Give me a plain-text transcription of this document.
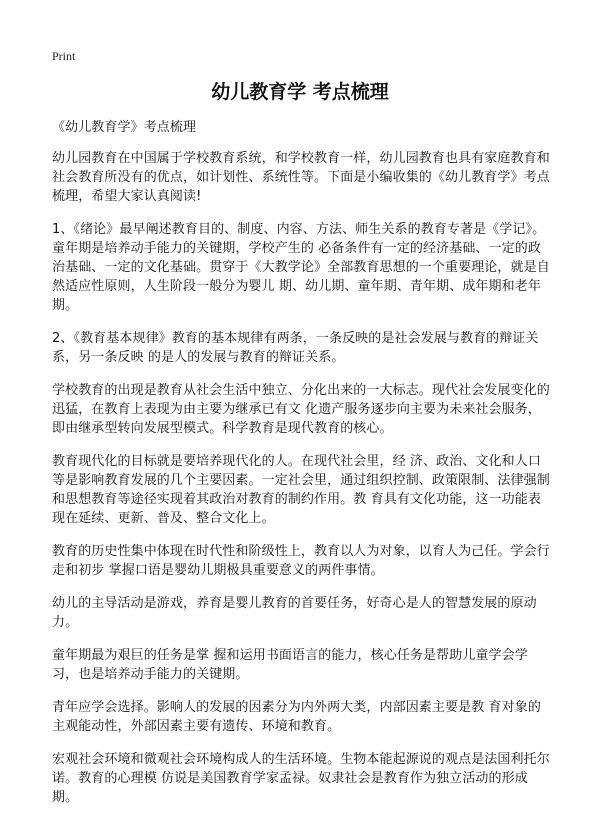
Print
幼儿教育学 考点梳理

《幼儿教育学》考点梳理

幼儿园教育在中国属于学校教育系统，和学校教育一样，幼儿园教育也具有家庭教育和社会教育所没有的优点，如计划性、系统性等。下面是小编收集的《幼儿教育学》考点梳理，希望大家认真阅读!

1、《绪论》最早阐述教育目的、制度、内容、方法、师生关系的教育专著是《学记》。童年期是培养动手能力的关键期，学校产生的 必备条件有一定的经济基础、一定的政治基础、一定的文化基础。贯穿于《大教学论》全部教育思想的一个重要理论，就是自然适应性原则，人生阶段一般分为婴儿 期、幼儿期、童年期、青年期、成年期和老年期。

2、《教育基本规律》教育的基本规律有两条，一条反映的是社会发展与教育的辩证关系，另一条反映 的是人的发展与教育的辩证关系。

学校教育的出现是教育从社会生活中独立、分化出来的一大标志。现代社会发展变化的迅猛，在教育上表现为由主要为继承已有文 化遗产服务逐步向主要为未来社会服务，即由继承型转向发展型模式。科学教育是现代教育的核心。

教育现代化的目标就是要培养现代化的人。在现代社会里，经 济、政治、文化和人口等是影响教育发展的几个主要因素。一定社会里，通过组织控制、政策限制、法律强制和思想教育等途径实现着其政治对教育的制约作用。教 育具有文化功能，这一功能表现在延续、更新、普及、整合文化上。

教育的历史性集中体现在时代性和阶级性上，教育以人为对象，以育人为己任。学会行走和初步 掌握口语是婴幼儿期极具重要意义的两件事情。

幼儿的主导活动是游戏，养育是婴儿教育的首要任务，好奇心是人的智慧发展的原动力。

童年期最为艰巨的任务是掌 握和运用书面语言的能力，核心任务是帮助儿童学会学习，也是培养动手能力的关键期。

青年应学会选择。影响人的发展的因素分为内外两大类，内部因素主要是教 育对象的主观能动性，外部因素主要有遗传、环境和教育。

宏观社会环境和微观社会环境构成人的生活环境。生物本能起源说的观点是法国利托尔诺。教育的心理模 仿说是美国教育学家孟禄。奴隶社会是教育作为独立活动的形成期。
